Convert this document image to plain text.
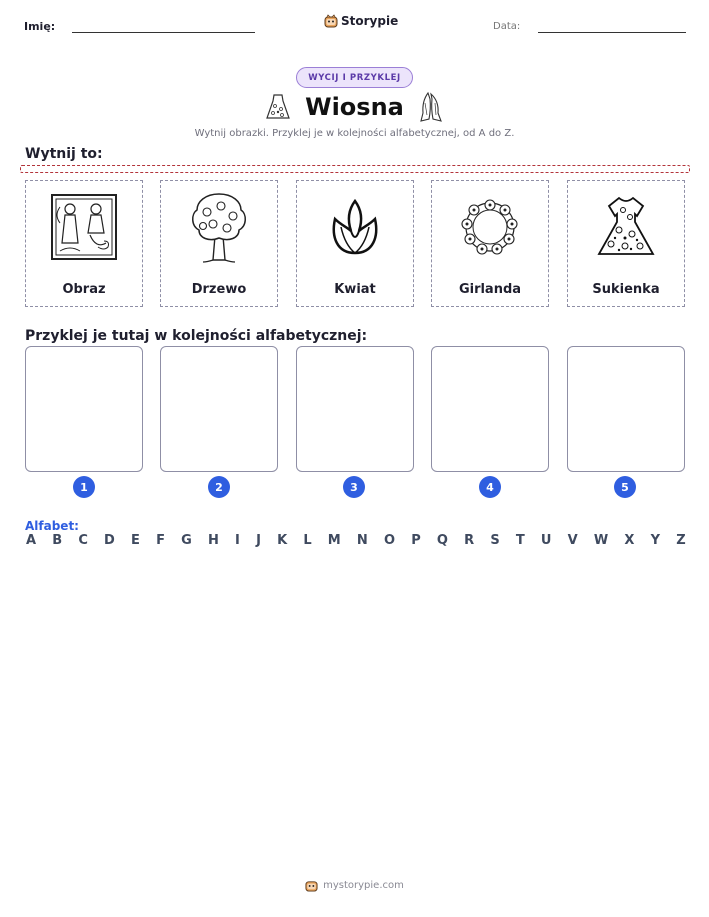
Imię:	Storypie	Data:
WYCIJ I PRZYKLEJ
Wiosna
Wytnij obrazki. Przyklej je w kolejności alfabetycznej, od A do Z.
Wytnij to:
Obraz	Drzewo	Kwiat	Girlanda	Sukienka
Przyklej je tutaj w kolejności alfabetycznej:
1	2	3	4	5
Alfabet:
A B C D E F G H I J K L M N O P Q R S T U V W X Y Z
mystorypie.com
